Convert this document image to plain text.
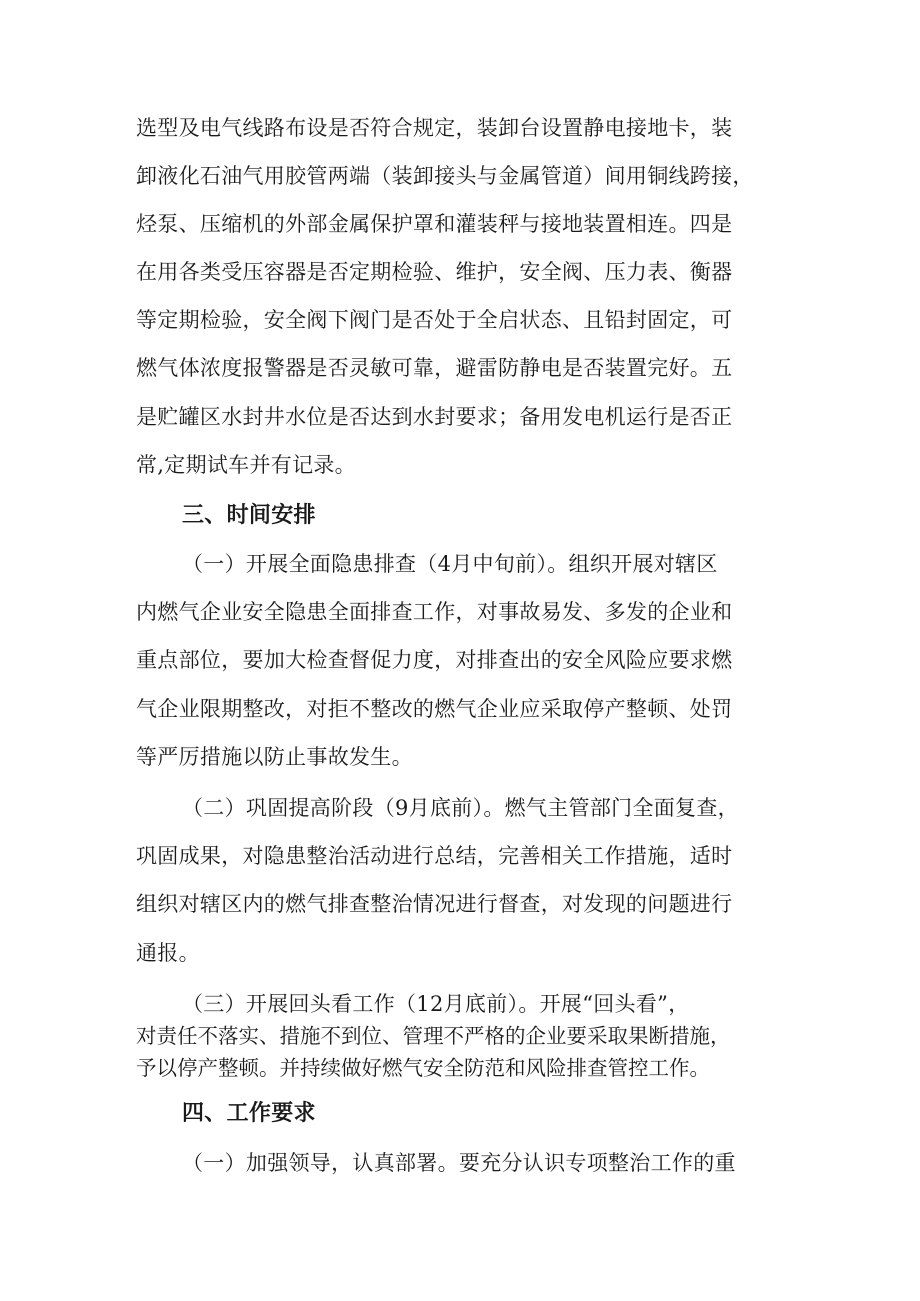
选型及电气线路布设是否符合规定，装卸台设置静电接地卡，装
卸液化石油气用胶管两端（装卸接头与金属管道）间用铜线跨接，
烃泵、压缩机的外部金属保护罩和灌装秤与接地装置相连。四是
在用各类受压容器是否定期检验、维护，安全阀、压力表、衡器
等定期检验，安全阀下阀门是否处于全启状态、且铅封固定，可
燃气体浓度报警器是否灵敏可靠，避雷防静电是否装置完好。五
是贮罐区水封井水位是否达到水封要求；备用发电机运行是否正
常,定期试车并有记录。
三、时间安排
（一）开展全面隐患排查（4月中旬前）。组织开展对辖区
内燃气企业安全隐患全面排查工作，对事故易发、多发的企业和
重点部位，要加大检查督促力度，对排查出的安全风险应要求燃
气企业限期整改，对拒不整改的燃气企业应采取停产整顿、处罚
等严厉措施以防止事故发生。
（二）巩固提高阶段（9月底前）。燃气主管部门全面复查，
巩固成果，对隐患整治活动进行总结，完善相关工作措施，适时
组织对辖区内的燃气排查整治情况进行督查，对发现的问题进行
通报。
（三）开展回头看工作（12月底前）。开展“回头看”，
对责任不落实、措施不到位、管理不严格的企业要采取果断措施，
予以停产整顿。并持续做好燃气安全防范和风险排查管控工作。
四、工作要求
（一）加强领导，认真部署。要充分认识专项整治工作的重
